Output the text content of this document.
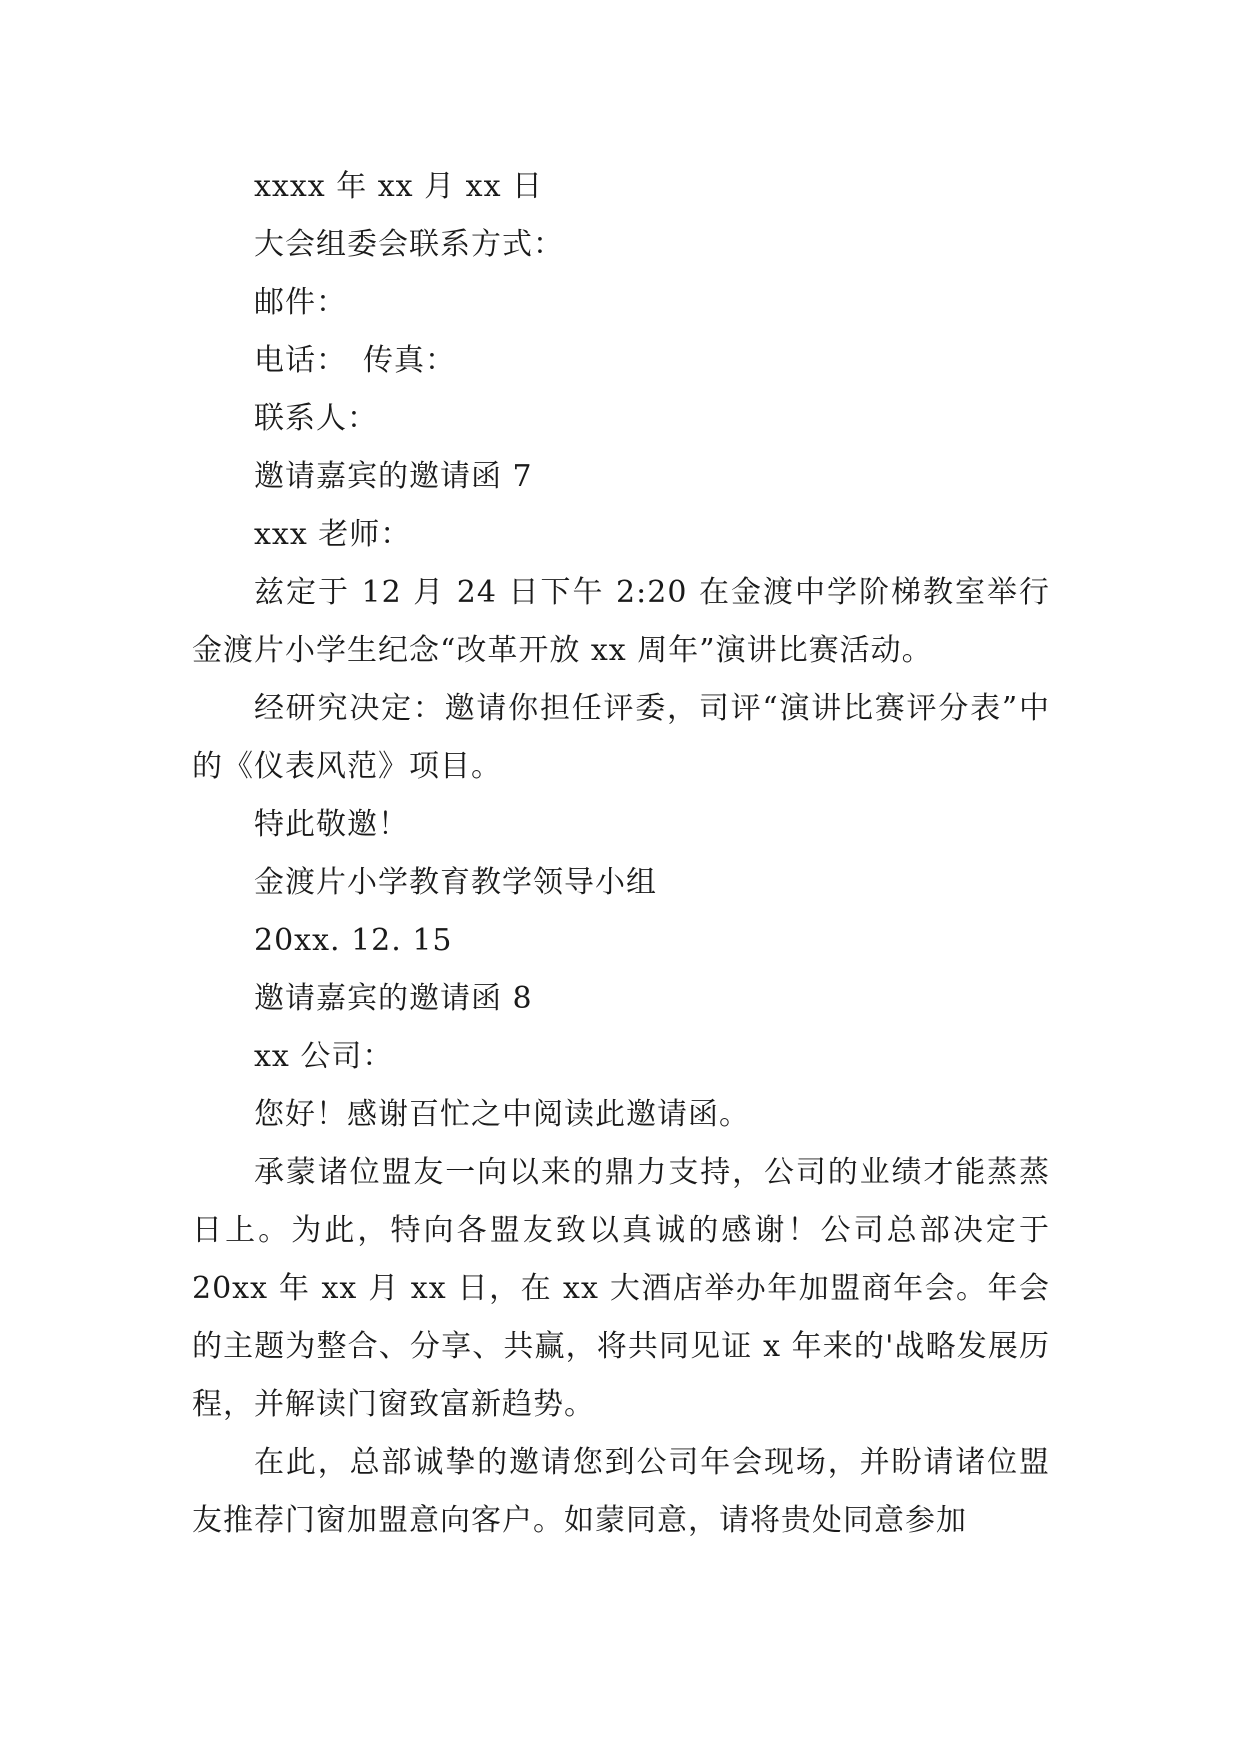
xxxx 年 xx 月 xx 日
大会组委会联系方式：
邮件：
电话：　传真：
联系人：
邀请嘉宾的邀请函 7
xxx 老师：

兹定于 12 月 24 日下午 2:20 在金渡中学阶梯教室举行金渡片小学生纪念“改革开放 xx 周年”演讲比赛活动。

经研究决定：邀请你担任评委，司评“演讲比赛评分表”中的《仪表风范》项目。

特此敬邀！
金渡片小学教育教学领导小组
20xx. 12. 15
邀请嘉宾的邀请函 8
xx 公司：
您好！感谢百忙之中阅读此邀请函。

承蒙诸位盟友一向以来的鼎力支持，公司的业绩才能蒸蒸日上。为此，特向各盟友致以真诚的感谢！公司总部决定于 20xx 年 xx 月 xx 日，在 xx 大酒店举办年加盟商年会。年会的主题为整合、分享、共赢，将共同见证 x 年来的'战略发展历程，并解读门窗致富新趋势。

在此，总部诚挚的邀请您到公司年会现场，并盼请诸位盟友推荐门窗加盟意向客户。如蒙同意，请将贵处同意参加
